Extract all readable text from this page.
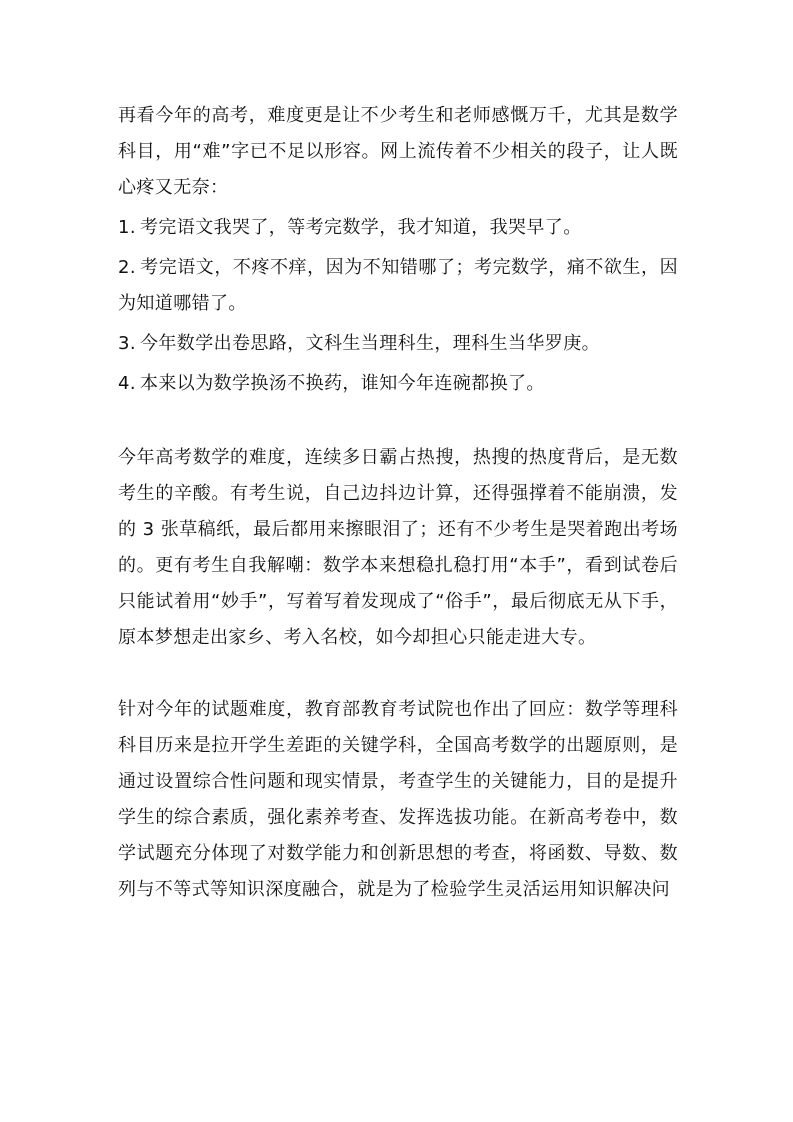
再看今年的高考，难度更是让不少考生和老师感慨万千，尤其是数学科目，用“难”字已不足以形容。网上流传着不少相关的段子，让人既心疼又无奈：

1. 考完语文我哭了，等考完数学，我才知道，我哭早了。
2. 考完语文，不疼不痒，因为不知错哪了；考完数学，痛不欲生，因为知道哪错了。
3. 今年数学出卷思路，文科生当理科生，理科生当华罗庚。
4. 本来以为数学换汤不换药，谁知今年连碗都换了。

今年高考数学的难度，连续多日霸占热搜，热搜的热度背后，是无数考生的辛酸。有考生说，自己边抖边计算，还得强撑着不能崩溃，发的 3 张草稿纸，最后都用来擦眼泪了；还有不少考生是哭着跑出考场的。更有考生自我解嘲：数学本来想稳扎稳打用“本手”，看到试卷后只能试着用“妙手”，写着写着发现成了“俗手”，最后彻底无从下手，原本梦想走出家乡、考入名校，如今却担心只能走进大专。

针对今年的试题难度，教育部教育考试院也作出了回应：数学等理科科目历来是拉开学生差距的关键学科，全国高考数学的出题原则，是通过设置综合性问题和现实情景，考查学生的关键能力，目的是提升学生的综合素质，强化素养考查、发挥选拔功能。在新高考卷中，数学试题充分体现了对数学能力和创新思想的考查，将函数、导数、数列与不等式等知识深度融合，就是为了检验学生灵活运用知识解决问
